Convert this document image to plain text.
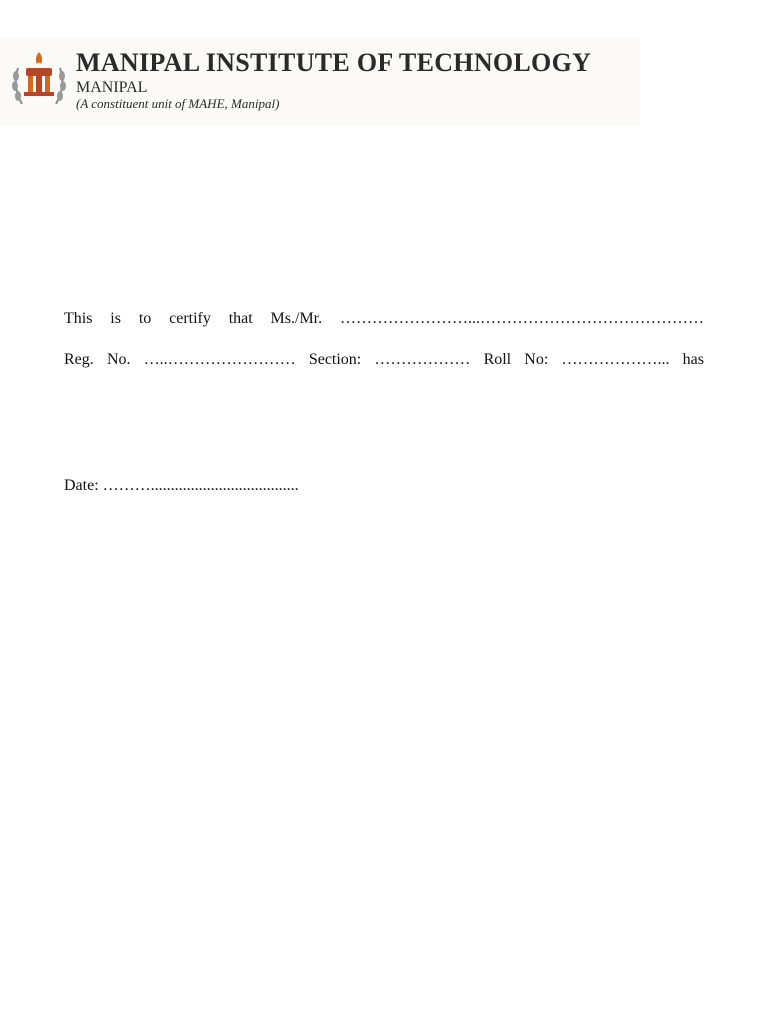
MANIPAL INSTITUTE OF TECHNOLOGY
MANIPAL
(A constituent unit of MAHE, Manipal)
This is to certify that Ms./Mr. ……………………...……………………………………
Reg. No. …..…………………… Section: ……………… Roll No: ………………... has
Date: ……….....................................
